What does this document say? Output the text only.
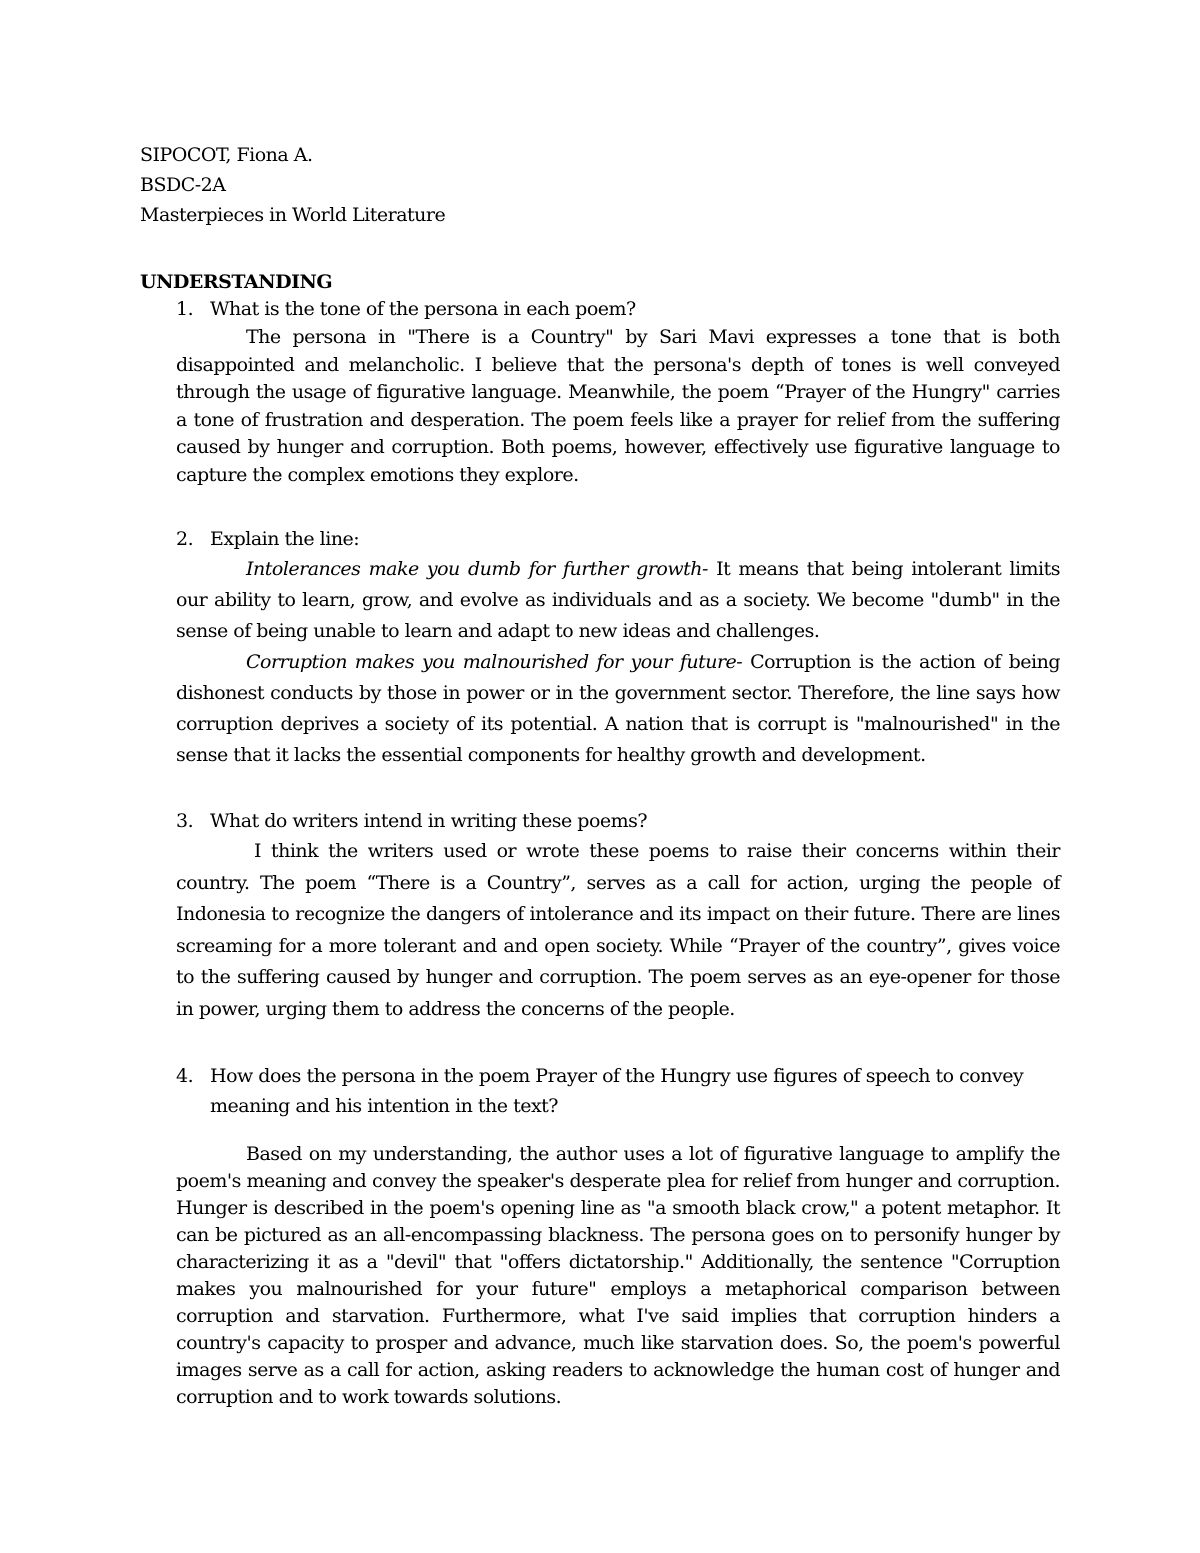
SIPOCOT, Fiona A.

BSDC-2A

Masterpieces in World Literature

UNDERSTANDING
1. What is the tone of the persona in each poem?

The persona in "There is a Country" by Sari Mavi expresses a tone that is both disappointed and melancholic. I believe that the persona's depth of tones is well conveyed through the usage of figurative language. Meanwhile, the poem “Prayer of the Hungry" carries a tone of frustration and desperation. The poem feels like a prayer for relief from the suffering caused by hunger and corruption. Both poems, however, effectively use figurative language to capture the complex emotions they explore.

2. Explain the line:

Intolerances make you dumb for further growth- It means that being intolerant limits our ability to learn, grow, and evolve as individuals and as a society. We become "dumb" in the sense of being unable to learn and adapt to new ideas and challenges.

Corruption makes you malnourished for your future- Corruption is the action of being dishonest conducts by those in power or in the government sector. Therefore, the line says how corruption deprives a society of its potential. A nation that is corrupt is "malnourished" in the sense that it lacks the essential components for healthy growth and development.

3. What do writers intend in writing these poems?

I think the writers used or wrote these poems to raise their concerns within their country. The poem “There is a Country”, serves as a call for action, urging the people of Indonesia to recognize the dangers of intolerance and its impact on their future. There are lines screaming for a more tolerant and and open society. While “Prayer of the country”, gives voice to the suffering caused by hunger and corruption. The poem serves as an eye-opener for those in power, urging them to address the concerns of the people.

4. How does the persona in the poem Prayer of the Hungry use figures of speech to convey meaning and his intention in the text?

Based on my understanding, the author uses a lot of figurative language to amplify the poem's meaning and convey the speaker's desperate plea for relief from hunger and corruption. Hunger is described in the poem's opening line as "a smooth black crow," a potent metaphor. It can be pictured as an all-encompassing blackness. The persona goes on to personify hunger by characterizing it as a "devil" that "offers dictatorship." Additionally, the sentence "Corruption makes you malnourished for your future" employs a metaphorical comparison between corruption and starvation. Furthermore, what I've said implies that corruption hinders a country's capacity to prosper and advance, much like starvation does. So, the poem's powerful images serve as a call for action, asking readers to acknowledge the human cost of hunger and corruption and to work towards solutions.
